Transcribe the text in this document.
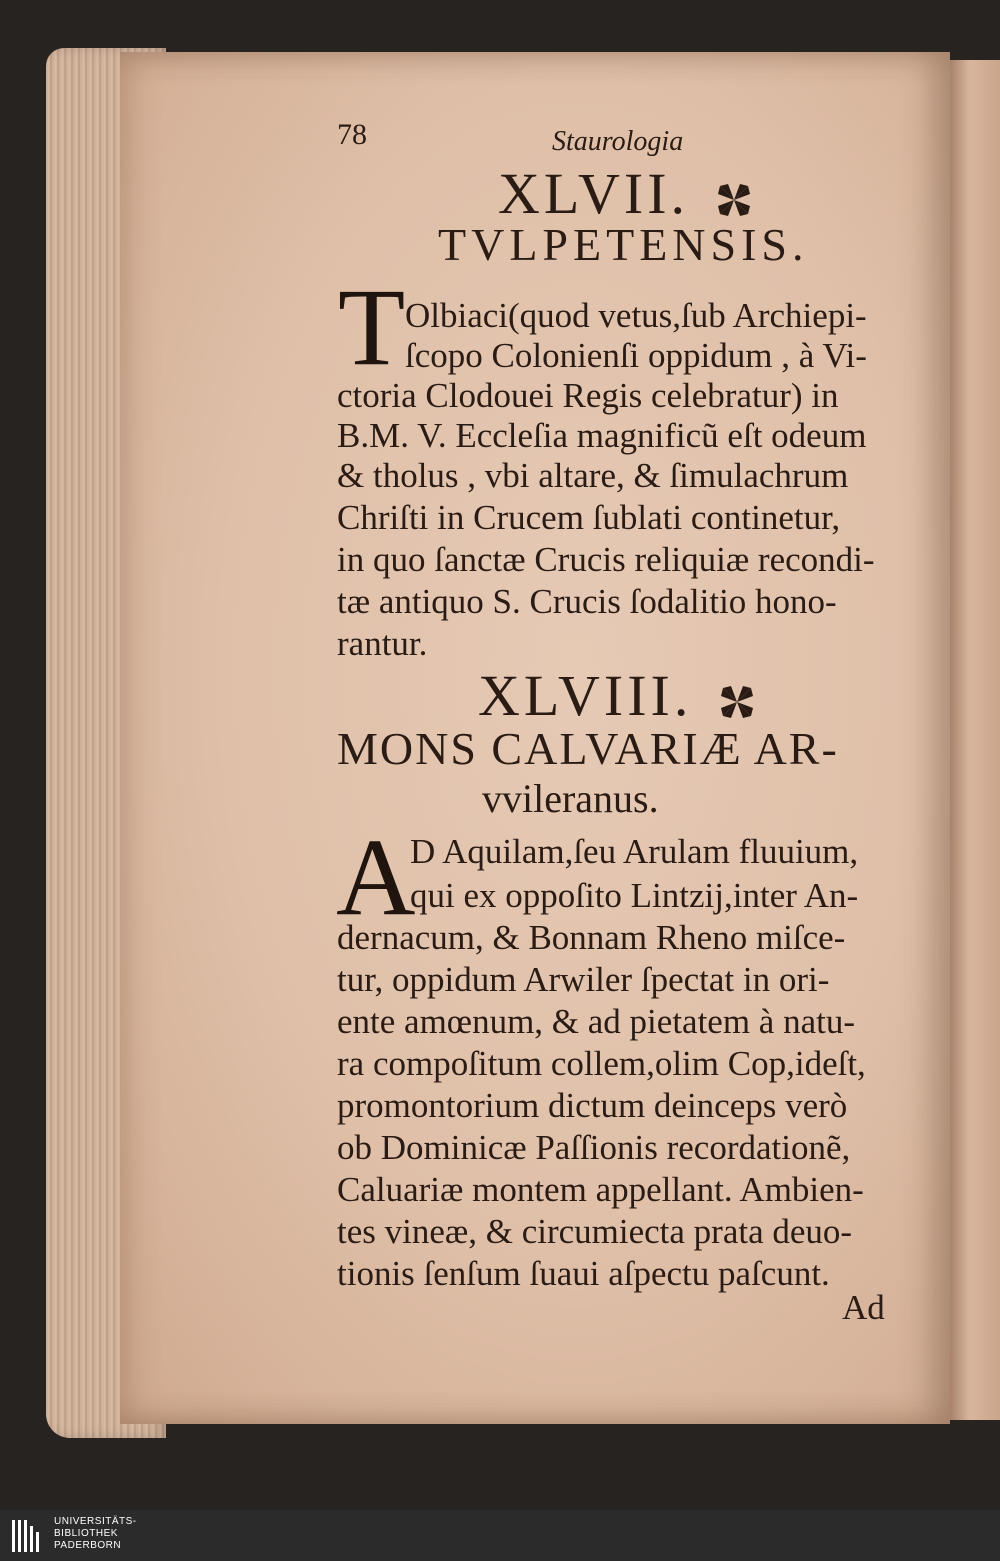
78	Staurologia
XLVII.
TVLPETENSIS.
T Olbiaci(quod vetus,ſub Archiepi-
ſcopo Colonienſi oppidum , à Vi-
ctoria Clodouei Regis celebratur) in
B.M. V. Eccleſia magnificũ eſt odeum
& tholus , vbi altare, & ſimulachrum
Chriſti in Crucem ſublati continetur,
in quo ſanctæ Crucis reliquiæ recondi-
tæ antiquo S. Crucis ſodalitio hono-
rantur.
XLVIII.
MONS CALVARIÆ AR-
vvileranus.
A
D Aquilam,ſeu Arulam fluuium,
qui ex oppoſito Lintzij,inter An-
dernacum, & Bonnam Rheno miſce-
tur, oppidum Arwiler ſpectat in ori-
ente amœnum, & ad pietatem à natu-
ra compoſitum collem,olim Cop,ideſt,
promontorium dictum deinceps verò
ob Dominicæ Paſſionis recordationẽ,
Caluariæ montem appellant. Ambien-
tes vineæ, & circumiecta prata deuo-
tionis ſenſum ſuaui aſpectu paſcunt.
Ad
UNIVERSITÄTS-
BIBLIOTHEK
PADERBORN
